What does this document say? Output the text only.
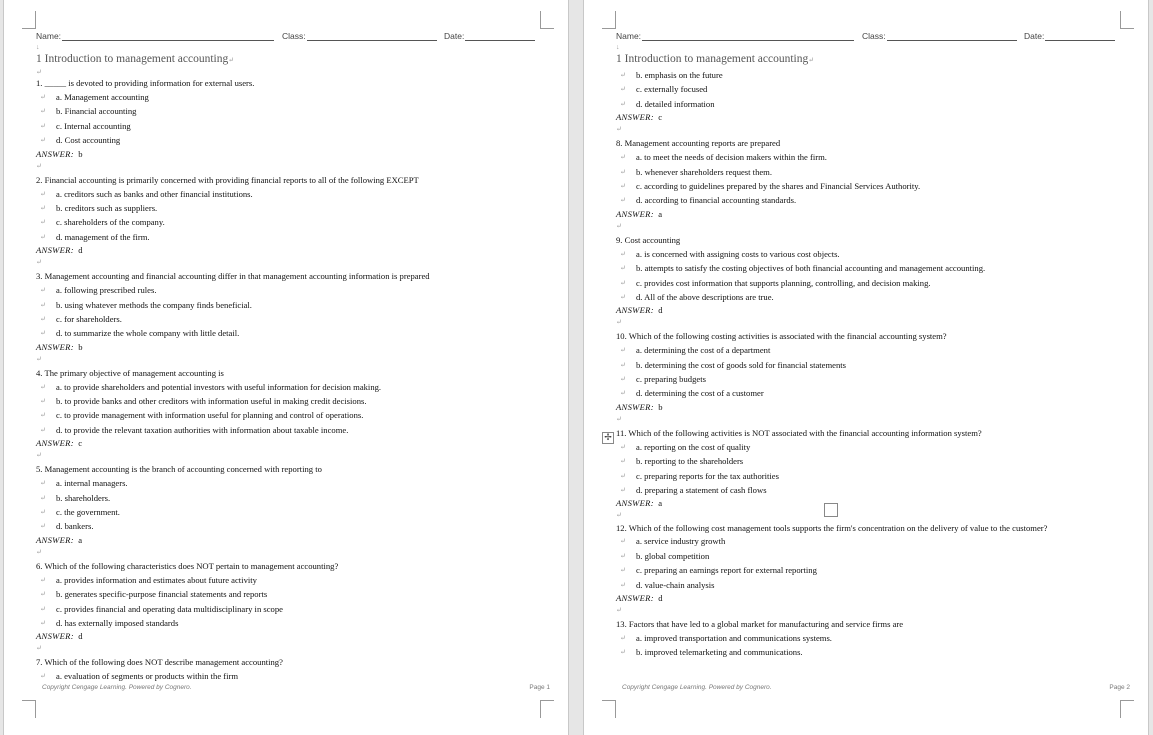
Name:	Class:	Date:
↓
1 Introduction to management accounting↵
↵
1. _____ is devoted to providing information for external users.
↵ a. Management accounting
↵ b. Financial accounting
↵ c. Internal accounting
↵ d. Cost accounting
ANSWER: b
↵
2. Financial accounting is primarily concerned with providing financial reports to all of the following EXCEPT
↵ a. creditors such as banks and other financial institutions.
↵ b. creditors such as suppliers.
↵ c. shareholders of the company.
↵ d. management of the firm.
ANSWER: d
↵
3. Management accounting and financial accounting differ in that management accounting information is prepared
↵ a. following prescribed rules.
↵ b. using whatever methods the company finds beneficial.
↵ c. for shareholders.
↵ d. to summarize the whole company with little detail.
ANSWER: b
↵
4. The primary objective of management accounting is
↵ a. to provide shareholders and potential investors with useful information for decision making.
↵ b. to provide banks and other creditors with information useful in making credit decisions.
↵ c. to provide management with information useful for planning and control of operations.
↵ d. to provide the relevant taxation authorities with information about taxable income.
ANSWER: c
↵
5. Management accounting is the branch of accounting concerned with reporting to
↵ a. internal managers.
↵ b. shareholders.
↵ c. the government.
↵ d. bankers.
ANSWER: a
↵
6. Which of the following characteristics does NOT pertain to management accounting?
↵ a. provides information and estimates about future activity
↵ b. generates specific-purpose financial statements and reports
↵ c. provides financial and operating data multidisciplinary in scope
↵ d. has externally imposed standards
ANSWER: d
↵
7. Which of the following does NOT describe management accounting?
↵ a. evaluation of segments or products within the firm
Copyright Cengage Learning. Powered by Cognero.	Page 1
Name:	Class:	Date:
↓
1 Introduction to management accounting↵
↵ b. emphasis on the future
↵ c. externally focused
↵ d. detailed information
ANSWER: c
↵
8. Management accounting reports are prepared
↵ a. to meet the needs of decision makers within the firm.
↵ b. whenever shareholders request them.
↵ c. according to guidelines prepared by the shares and Financial Services Authority.
↵ d. according to financial accounting standards.
ANSWER: a
↵
9. Cost accounting
↵ a. is concerned with assigning costs to various cost objects.
↵ b. attempts to satisfy the costing objectives of both financial accounting and management accounting.
↵ c. provides cost information that supports planning, controlling, and decision making.
↵ d. All of the above descriptions are true.
ANSWER: d
↵
10. Which of the following costing activities is associated with the financial accounting system?
↵ a. determining the cost of a department
↵ b. determining the cost of goods sold for financial statements
↵ c. preparing budgets
↵ d. determining the cost of a customer
ANSWER: b
↵
11. Which of the following activities is NOT associated with the financial accounting information system?
↵ a. reporting on the cost of quality
↵ b. reporting to the shareholders
↵ c. preparing reports for the tax authorities
↵ d. preparing a statement of cash flows
ANSWER: a
↵
12. Which of the following cost management tools supports the firm's concentration on the delivery of value to the customer?
↵ a. service industry growth
↵ b. global competition
↵ c. preparing an earnings report for external reporting
↵ d. value-chain analysis
ANSWER: d
↵
13. Factors that have led to a global market for manufacturing and service firms are
↵ a. improved transportation and communications systems.
↵ b. improved telemarketing and communications.
Copyright Cengage Learning. Powered by Cognero.	Page 2
✢
